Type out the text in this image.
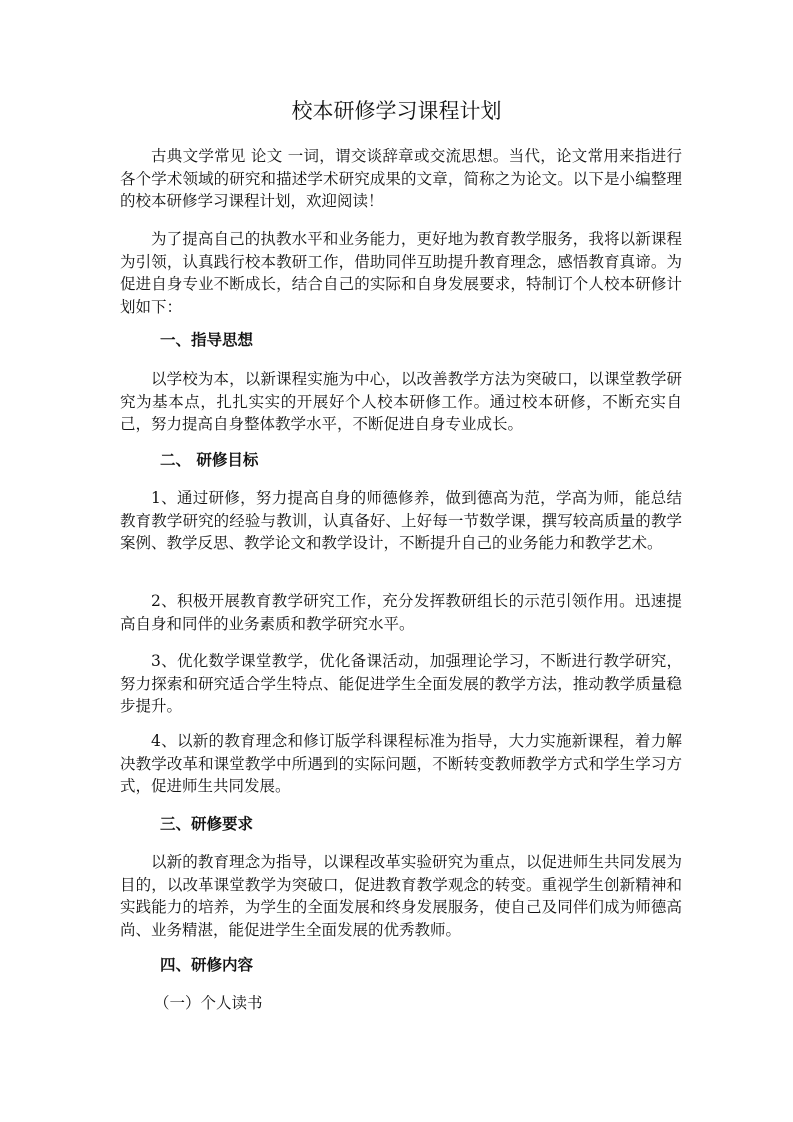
校本研修学习课程计划

古典文学常见 论文 一词，谓交谈辞章或交流思想。当代，论文常用来指进行各个学术领域的研究和描述学术研究成果的文章，简称之为论文。以下是小编整理的校本研修学习课程计划，欢迎阅读！

为了提高自己的执教水平和业务能力，更好地为教育教学服务，我将以新课程为引领，认真践行校本教研工作，借助同伴互助提升教育理念，感悟教育真谛。为促进自身专业不断成长，结合自己的实际和自身发展要求，特制订个人校本研修计划如下：

一、指导思想

以学校为本，以新课程实施为中心，以改善教学方法为突破口，以课堂教学研究为基本点，扎扎实实的开展好个人校本研修工作。通过校本研修，不断充实自己，努力提高自身整体教学水平，不断促进自身专业成长。

二、 研修目标

1、通过研修，努力提高自身的师德修养，做到德高为范，学高为师，能总结教育教学研究的经验与教训，认真备好、上好每一节数学课，撰写较高质量的教学案例、教学反思、教学论文和教学设计，不断提升自己的业务能力和教学艺术。

2、积极开展教育教学研究工作，充分发挥教研组长的示范引领作用。迅速提高自身和同伴的业务素质和教学研究水平。

3、优化数学课堂教学，优化备课活动，加强理论学习，不断进行教学研究，努力探索和研究适合学生特点、能促进学生全面发展的教学方法，推动教学质量稳步提升。

4、以新的教育理念和修订版学科课程标准为指导，大力实施新课程，着力解决教学改革和课堂教学中所遇到的实际问题，不断转变教师教学方式和学生学习方式，促进师生共同发展。

三、研修要求

以新的教育理念为指导，以课程改革实验研究为重点，以促进师生共同发展为目的，以改革课堂教学为突破口，促进教育教学观念的转变。重视学生创新精神和实践能力的培养，为学生的全面发展和终身发展服务，使自己及同伴们成为师德高尚、业务精湛，能促进学生全面发展的优秀教师。

四、研修内容

（一）个人读书
